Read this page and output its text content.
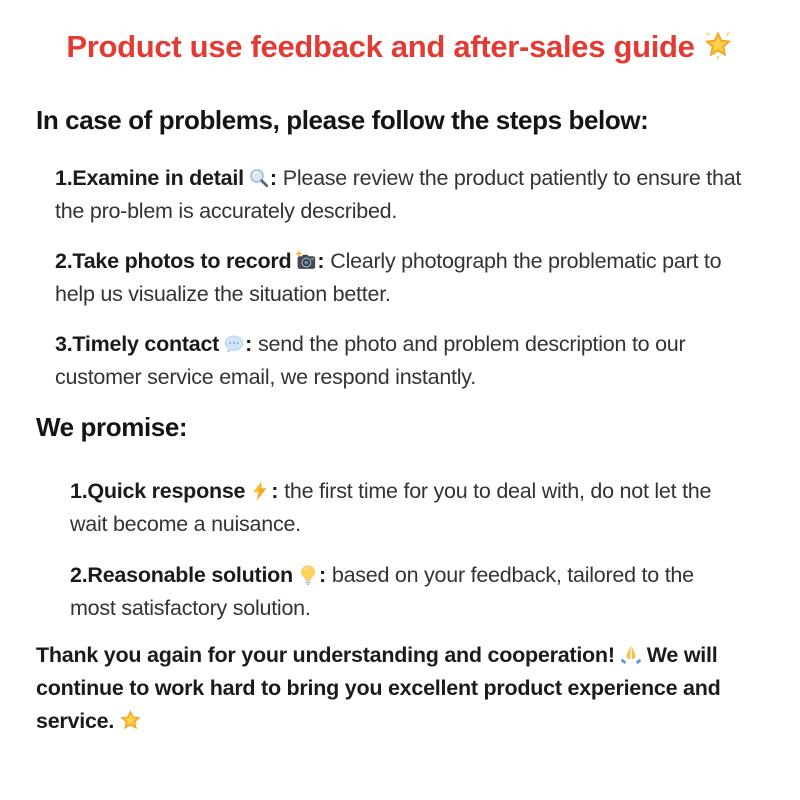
Product use feedback and after-sales guide
In case of problems, please follow the steps below:

1.Examine in detail : Please review the product patiently to ensure that the pro-blem is accurately described.

2.Take photos to record : Clearly photograph the problematic part to help us visualize the situation better.

3.Timely contact : send the photo and problem description to our customer service email, we respond instantly.

We promise:

1.Quick response : the first time for you to deal with, do not let the wait become a nuisance.

2.Reasonable solution : based on your feedback, tailored to the most satisfactory solution.

Thank you again for your understanding and cooperation! We will continue to work hard to bring you excellent product experience and service.
